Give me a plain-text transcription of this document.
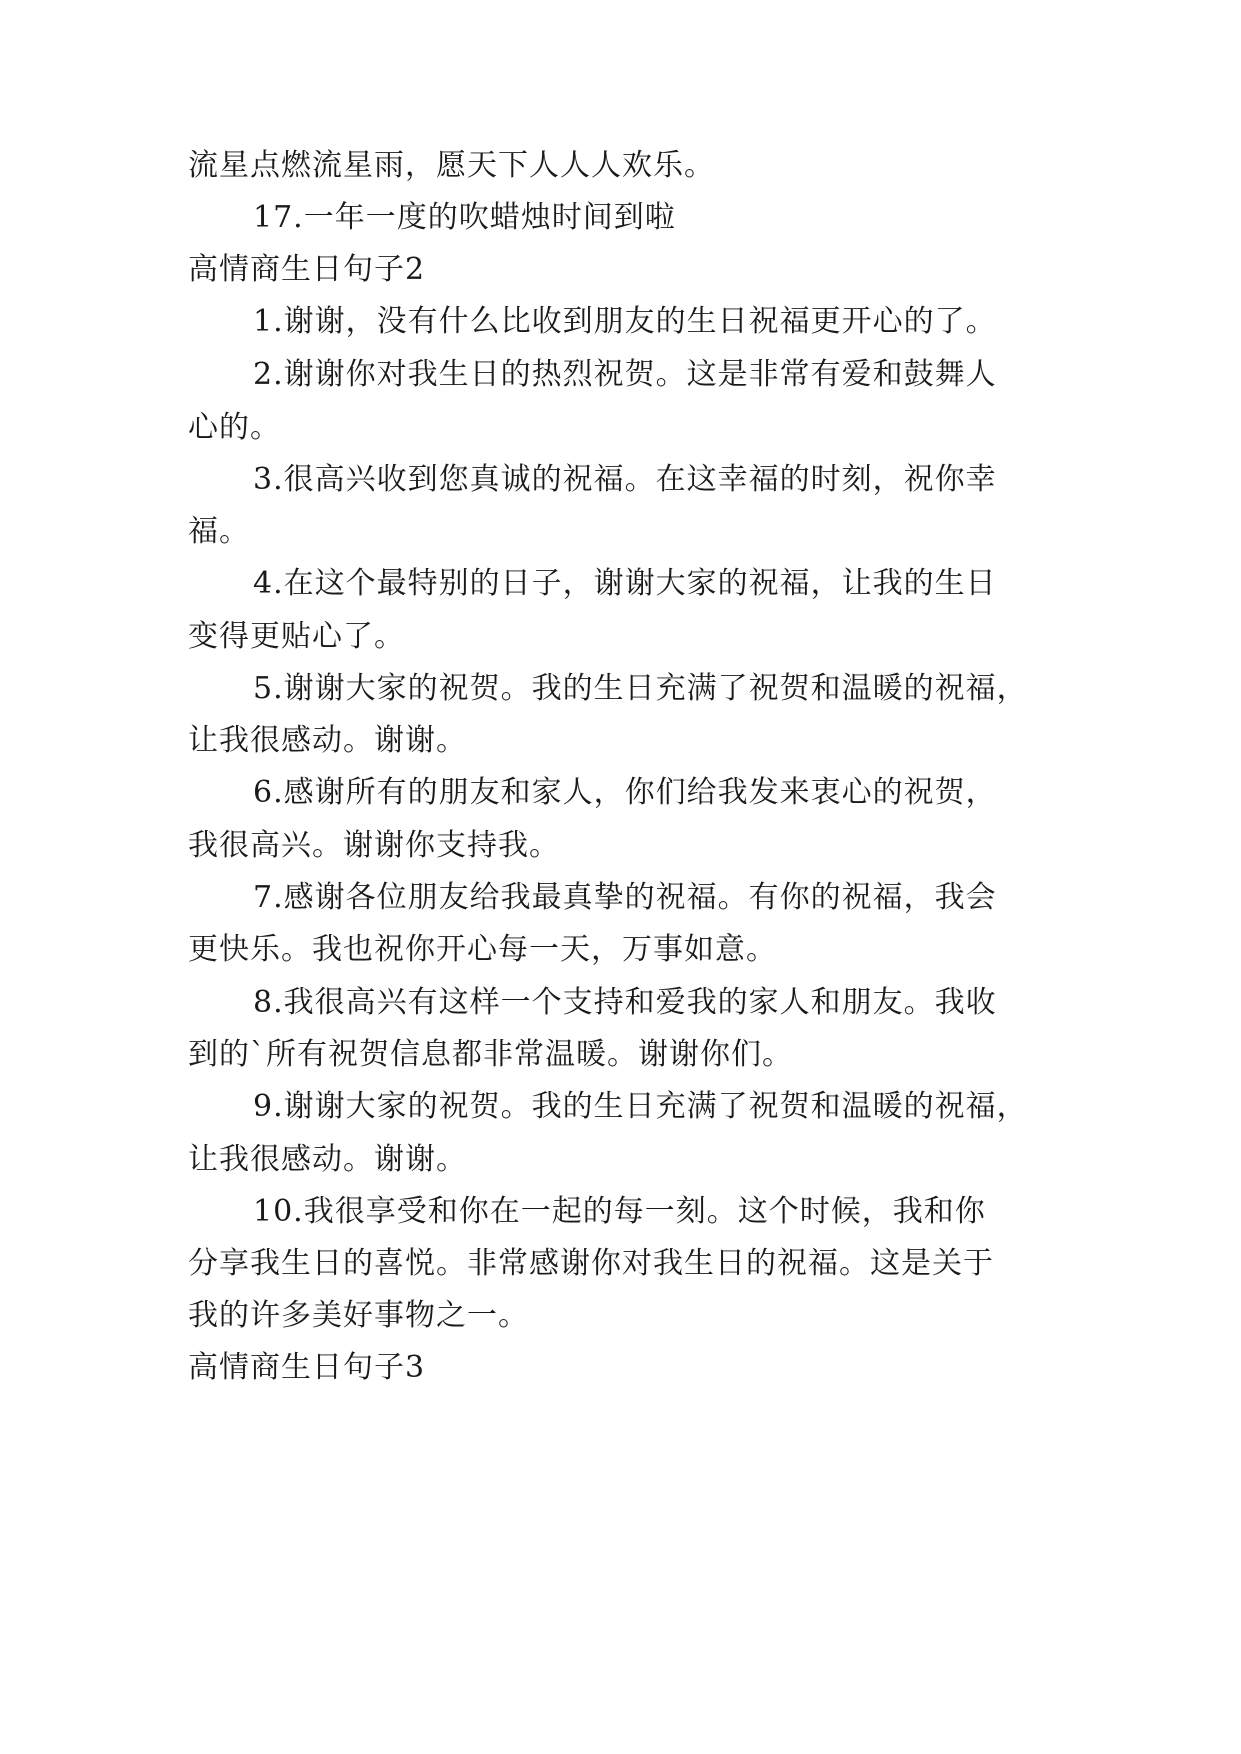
流星点燃流星雨，愿天下人人人欢乐。
17.一年一度的吹蜡烛时间到啦
高情商生日句子2
1.谢谢，没有什么比收到朋友的生日祝福更开心的了。
2.谢谢你对我生日的热烈祝贺。这是非常有爱和鼓舞人
心的。
3.很高兴收到您真诚的祝福。在这幸福的时刻，祝你幸
福。
4.在这个最特别的日子，谢谢大家的祝福，让我的生日
变得更贴心了。
5.谢谢大家的祝贺。我的生日充满了祝贺和温暖的祝福，
让我很感动。谢谢。
6.感谢所有的朋友和家人，你们给我发来衷心的祝贺，
我很高兴。谢谢你支持我。
7.感谢各位朋友给我最真挚的祝福。有你的祝福，我会
更快乐。我也祝你开心每一天，万事如意。
8.我很高兴有这样一个支持和爱我的家人和朋友。我收
到的`所有祝贺信息都非常温暖。谢谢你们。
9.谢谢大家的祝贺。我的生日充满了祝贺和温暖的祝福，
让我很感动。谢谢。
10.我很享受和你在一起的每一刻。这个时候，我和你
分享我生日的喜悦。非常感谢你对我生日的祝福。这是关于
我的许多美好事物之一。
高情商生日句子3
